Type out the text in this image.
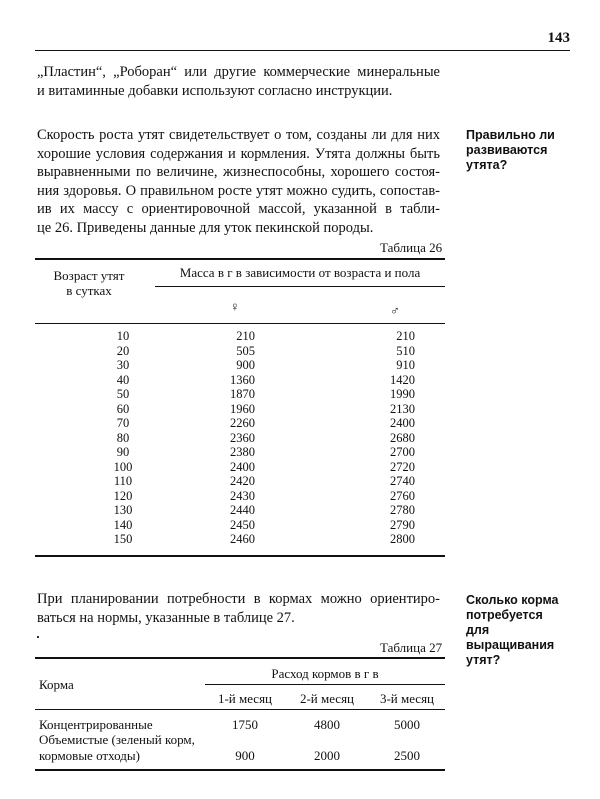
143
„Пластин“, „Роборан“ или другие коммерческие минеральные
и витаминные добавки используют согласно инструкции.
Скорость роста утят свидетельствует о том, созданы ли для них
хорошие условия содержания и кормления. Утята должны быть
выравненными по величине, жизнеспособны, хорошего состоя-
ния здоровья. О правильном росте утят можно судить, сопостав-
ив их массу с ориентировочной массой, указанной в табли-
це 26. Приведены данные для уток пекинской породы.
Правильно ли
развиваются
утята?
Таблица 26
Возраст утят
в сутках
Масса в г в зависимости от возраста и пола
♀	♂
10	210	210
20	505	510
30	900	910
40	1360	1420
50	1870	1990
60	1960	2130
70	2260	2400
80	2360	2680
90	2380	2700
100	2400	2720
110	2420	2740
120	2430	2760
130	2440	2780
140	2450	2790
150	2460	2800
При планировании потребности в кормах можно ориентиро-
ваться на нормы, указанные в таблице 27.
Сколько корма
потребуется
для
выращивания
утят?
Таблица 27
Корма
Расход кормов в г в
1-й месяц	2-й месяц	3-й месяц
Концентрированные	1750	4800	5000
Объемистые (зеленый корм,
кормовые отходы)	900	2000	2500
